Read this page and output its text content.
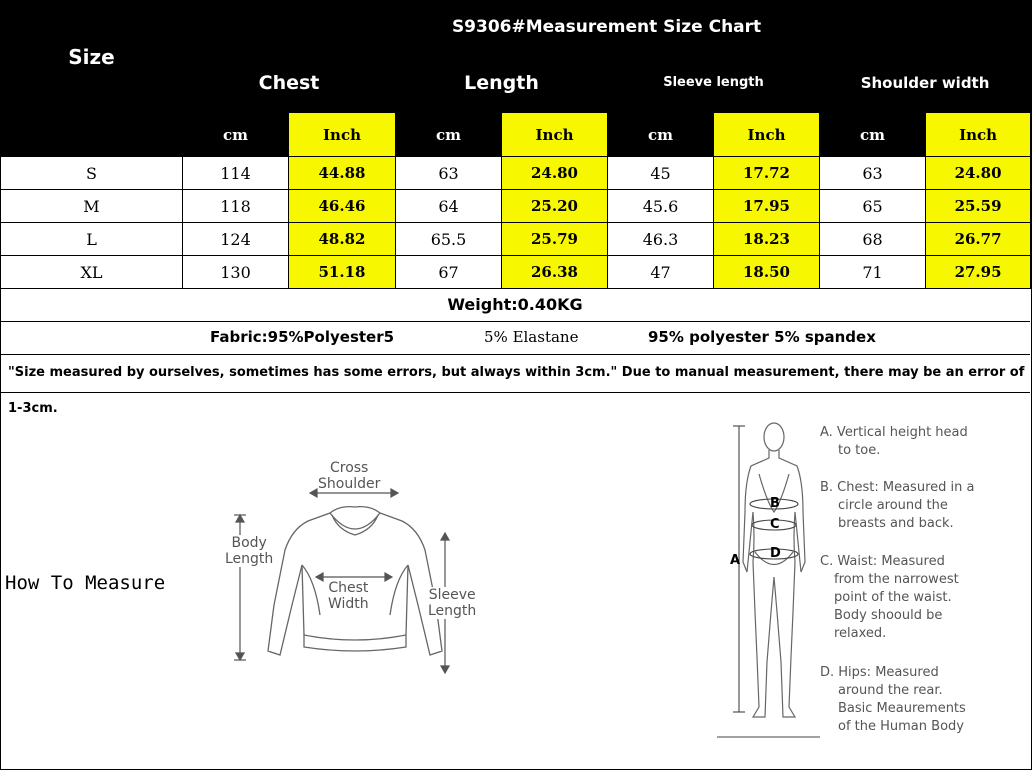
Size	S9306#Measurement Size Chart							
	Chest		Length		Sleeve length		Shoulder width	
	cm	Inch	cm	Inch	cm	Inch	cm	Inch
S	114	44.88	63	24.80	45	17.72	63	24.80
M	118	46.46	64	25.20	45.6	17.95	65	25.59
L	124	48.82	65.5	25.79	46.3	18.23	68	26.77
XL	130	51.18	67	26.38	47	18.50	71	27.95
Weight:0.40KG
Fabric:95%Polyester5	5% Elastane	95% polyester 5% spandex
"Size measured by ourselves, sometimes has some errors, but always within 3cm." Due to manual measurement, there may be an error of 1-3cm.
How To Measure
Cross
Shoulder
Body
Length
Chest
Width
Sleeve
Length
A
B
C
D
A. Vertical height head
to toe.
B. Chest: Measured in a
circle around the
breasts and back.
C. Waist: Measured
from the narrowest
point of the waist.
Body shoould be
relaxed.
D. Hips: Measured
around the rear.
Basic Meaurements
of the Human Body
